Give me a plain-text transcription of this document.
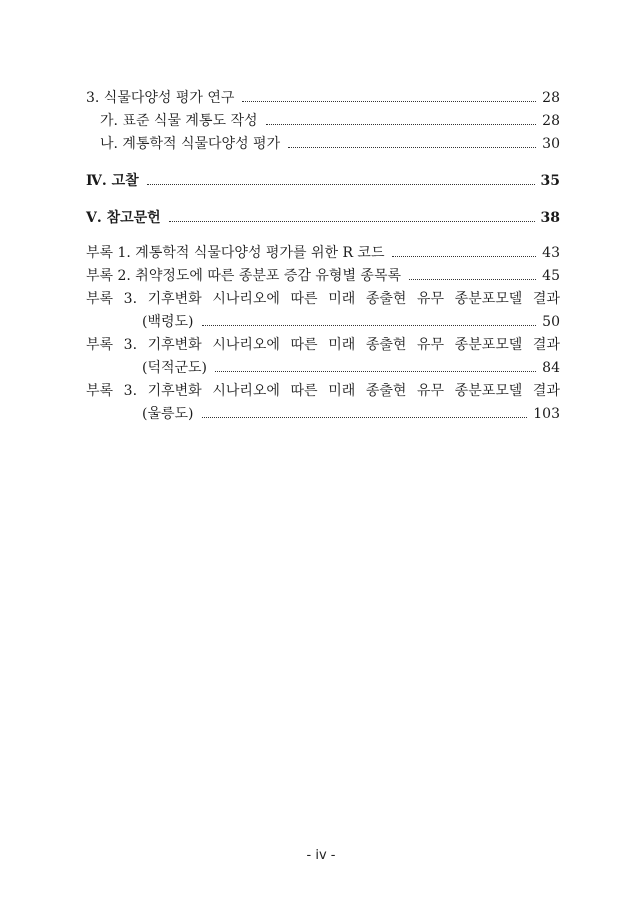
3. 식물다양성 평가 연구	28
가. 표준 식물 계통도 작성	28
나. 계통학적 식물다양성 평가	30
Ⅳ. 고찰	35
Ⅴ. 참고문헌	38
부록 1. 계통학적 식물다양성 평가를 위한 R 코드	43
부록 2. 취약정도에 따른 종분포 증감 유형별 종목록	45
부록 3. 기후변화 시나리오에 따른 미래 종출현 유무 종분포모델 결과
(백령도)	50
부록 3. 기후변화 시나리오에 따른 미래 종출현 유무 종분포모델 결과
(덕적군도)	84
부록 3. 기후변화 시나리오에 따른 미래 종출현 유무 종분포모델 결과
(울릉도)	103
- iv -
